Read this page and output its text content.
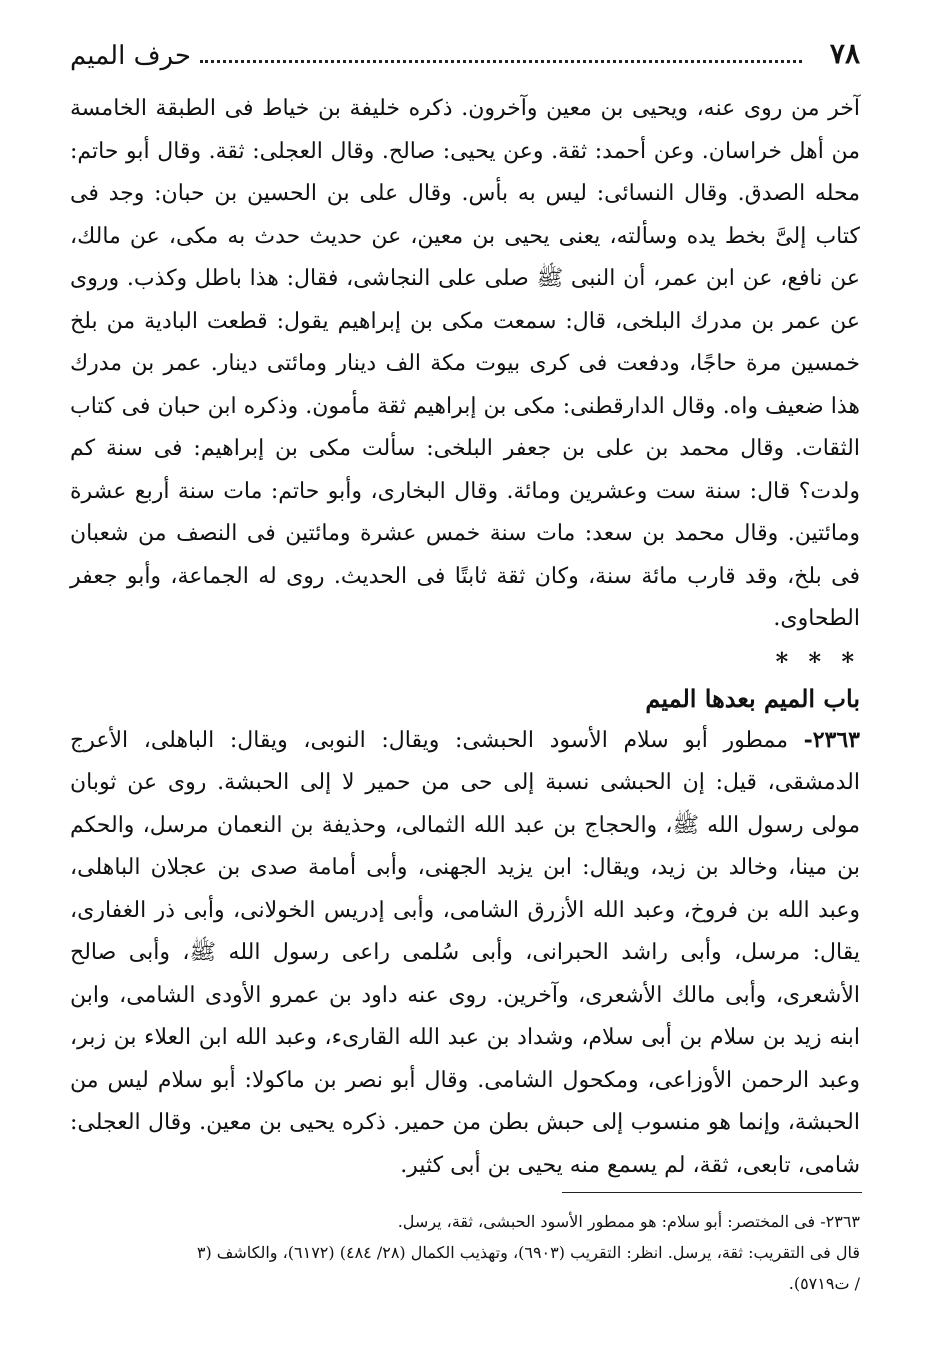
٧٨
حرف الميم

آخر من روى عنه، ويحيى بن معين وآخرون. ذكره خليفة بن خياط فى الطبقة الخامسة من أهل خراسان. وعن أحمد: ثقة. وعن يحيى: صالح. وقال العجلى: ثقة. وقال أبو حاتم: محله الصدق. وقال النسائى: ليس به بأس. وقال على بن الحسين بن حبان: وجد فى كتاب إلىَّ بخط يده وسألته، يعنى يحيى بن معين، عن حديث حدث به مكى، عن مالك، عن نافع، عن ابن عمر، أن النبى ﷺ صلى على النجاشى، فقال: هذا باطل وكذب. وروى عن عمر بن مدرك البلخى، قال: سمعت مكى بن إبراهيم يقول: قطعت البادية من بلخ خمسين مرة حاجًا، ودفعت فى كرى بيوت مكة الف دينار ومائتى دينار. عمر بن مدرك هذا ضعيف واه. وقال الدارقطنى: مكى بن إبراهيم ثقة مأمون. وذكره ابن حبان فى كتاب الثقات. وقال محمد بن على بن جعفر البلخى: سألت مكى بن إبراهيم: فى سنة كم ولدت؟ قال: سنة ست وعشرين ومائة. وقال البخارى، وأبو حاتم: مات سنة أربع عشرة ومائتين. وقال محمد بن سعد: مات سنة خمس عشرة ومائتين فى النصف من شعبان فى بلخ، وقد قارب مائة سنة، وكان ثقة ثابتًا فى الحديث. روى له الجماعة، وأبو جعفر الطحاوى.

* * *
باب الميم بعدها الميم

٢٣٦٣- ممطور أبو سلام الأسود الحبشى: ويقال: النوبى، ويقال: الباهلى، الأعرج الدمشقى، قيل: إن الحبشى نسبة إلى حى من حمير لا إلى الحبشة. روى عن ثوبان مولى رسول الله ﷺ، والحجاج بن عبد الله الثمالى، وحذيفة بن النعمان مرسل، والحكم بن مينا، وخالد بن زيد، ويقال: ابن يزيد الجهنى، وأبى أمامة صدى بن عجلان الباهلى، وعبد الله بن فروخ، وعبد الله الأزرق الشامى، وأبى إدريس الخولانى، وأبى ذر الغفارى، يقال: مرسل، وأبى راشد الحبرانى، وأبى سُلمى راعى رسول الله ﷺ، وأبى صالح الأشعرى، وأبى مالك الأشعرى، وآخرين. روى عنه داود بن عمرو الأودى الشامى، وابن ابنه زيد بن سلام بن أبى سلام، وشداد بن عبد الله القارىء، وعبد الله ابن العلاء بن زبر، وعبد الرحمن الأوزاعى، ومكحول الشامى. وقال أبو نصر بن ماكولا: أبو سلام ليس من الحبشة، وإنما هو منسوب إلى حبش بطن من حمير. ذكره يحيى بن معين. وقال العجلى: شامى، تابعى، ثقة، لم يسمع منه يحيى بن أبى كثير.

٢٣٦٣- فى المختصر: أبو سلام: هو ممطور الأسود الحبشى، ثقة، يرسل.

قال فى التقريب: ثقة، يرسل. انظر: التقريب (٦٩٠٣)، وتهذيب الكمال (٢٨/ ٤٨٤) (٦١٧٢)، والكاشف (٣

/ ت٥٧١٩).
